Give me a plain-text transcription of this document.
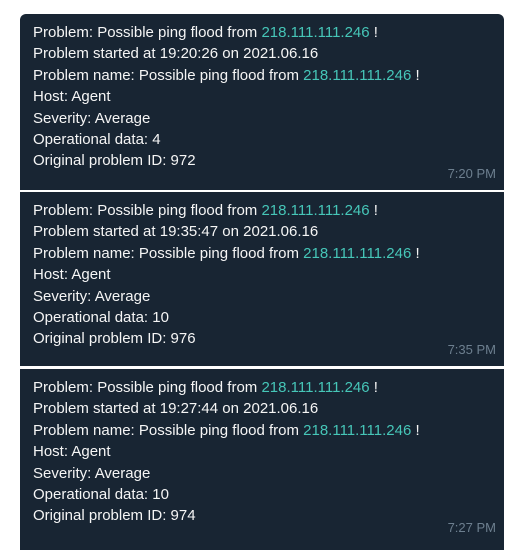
Problem: Possible ping flood from 218.111.111.246 !
Problem started at 19:20:26 on 2021.06.16
Problem name: Possible ping flood from 218.111.111.246 !
Host: Agent
Severity: Average
Operational data: 4
Original problem ID: 972
7:20 PM
Problem: Possible ping flood from 218.111.111.246 !
Problem started at 19:35:47 on 2021.06.16
Problem name: Possible ping flood from 218.111.111.246 !
Host: Agent
Severity: Average
Operational data: 10
Original problem ID: 976
7:35 PM
Problem: Possible ping flood from 218.111.111.246 !
Problem started at 19:27:44 on 2021.06.16
Problem name: Possible ping flood from 218.111.111.246 !
Host: Agent
Severity: Average
Operational data: 10
Original problem ID: 974
7:27 PM
